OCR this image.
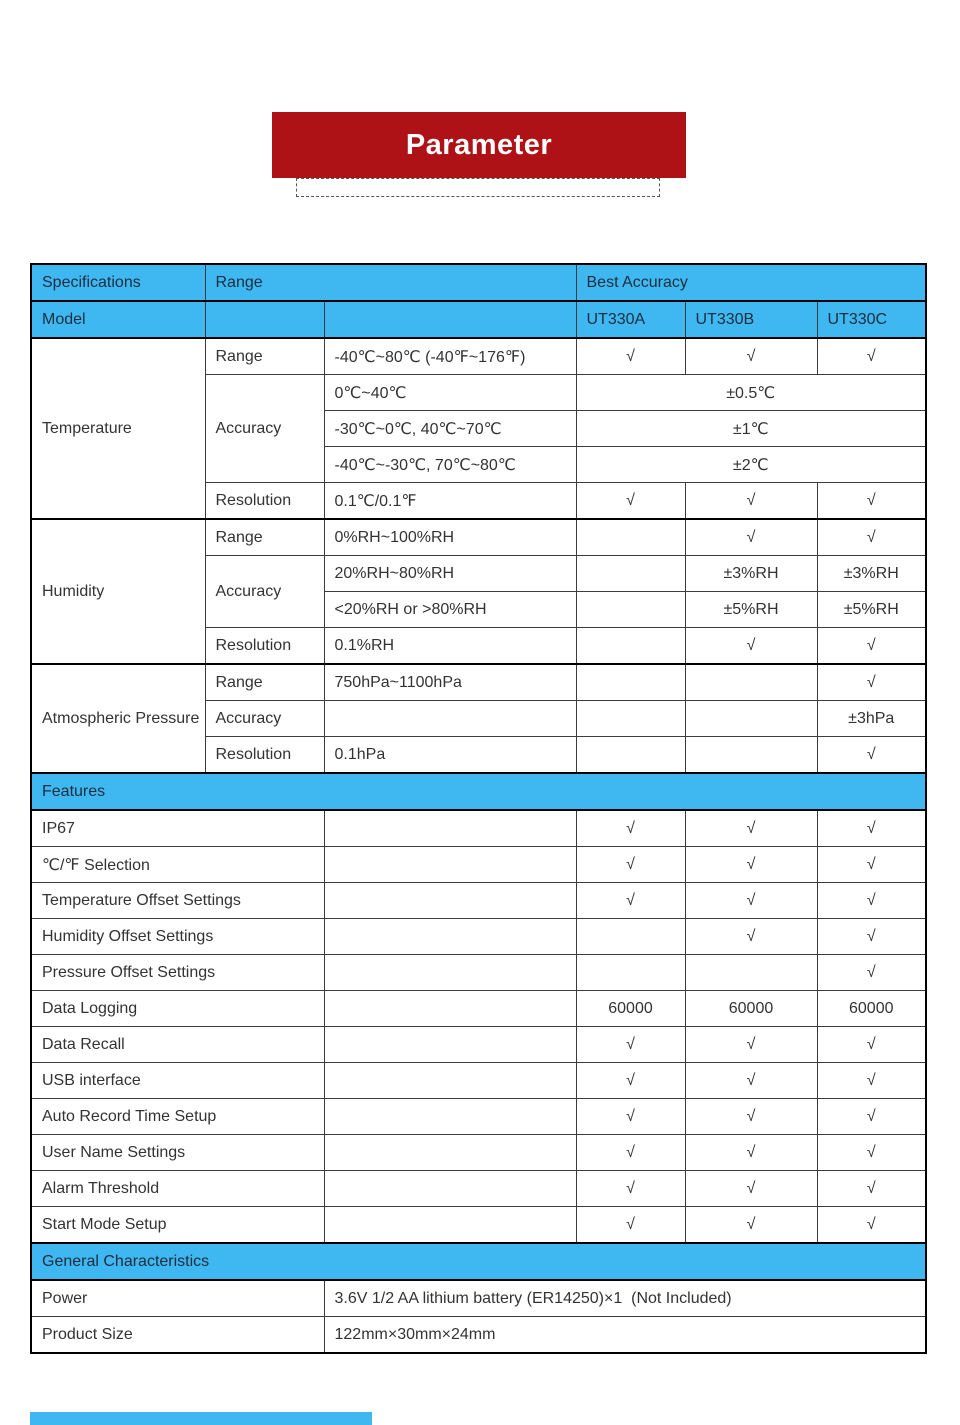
Parameter
Specifications	Range		Best Accuracy		
Model			UT330A	UT330B	UT330C
Temperature	Range	-40℃~80℃ (-40℉~176℉)	√	√	√
	Accuracy	0℃~40℃	±0.5℃		
		-30℃~0℃, 40℃~70℃	±1℃		
		-40℃~-30℃, 70℃~80℃	±2℃		
	Resolution	0.1℃/0.1℉	√	√	√
Humidity	Range	0%RH~100%RH		√	√
	Accuracy	20%RH~80%RH		±3%RH	±3%RH
		<20%RH or >80%RH		±5%RH	±5%RH
	Resolution	0.1%RH		√	√
Atmospheric Pressure	Range	750hPa~1100hPa			√
	Accuracy				±3hPa
	Resolution	0.1hPa			√
Features					
IP67			√	√	√
℃/℉ Selection			√	√	√
Temperature Offset Settings			√	√	√
Humidity Offset Settings				√	√
Pressure Offset Settings					√
Data Logging			60000	60000	60000
Data Recall			√	√	√
USB interface			√	√	√
Auto Record Time Setup			√	√	√
User Name Settings			√	√	√
Alarm Threshold			√	√	√
Start Mode Setup			√	√	√
General Characteristics					
Power		3.6V 1/2 AA lithium battery (ER14250)×1  (Not Included)			
Product Size		122mm×30mm×24mm			
